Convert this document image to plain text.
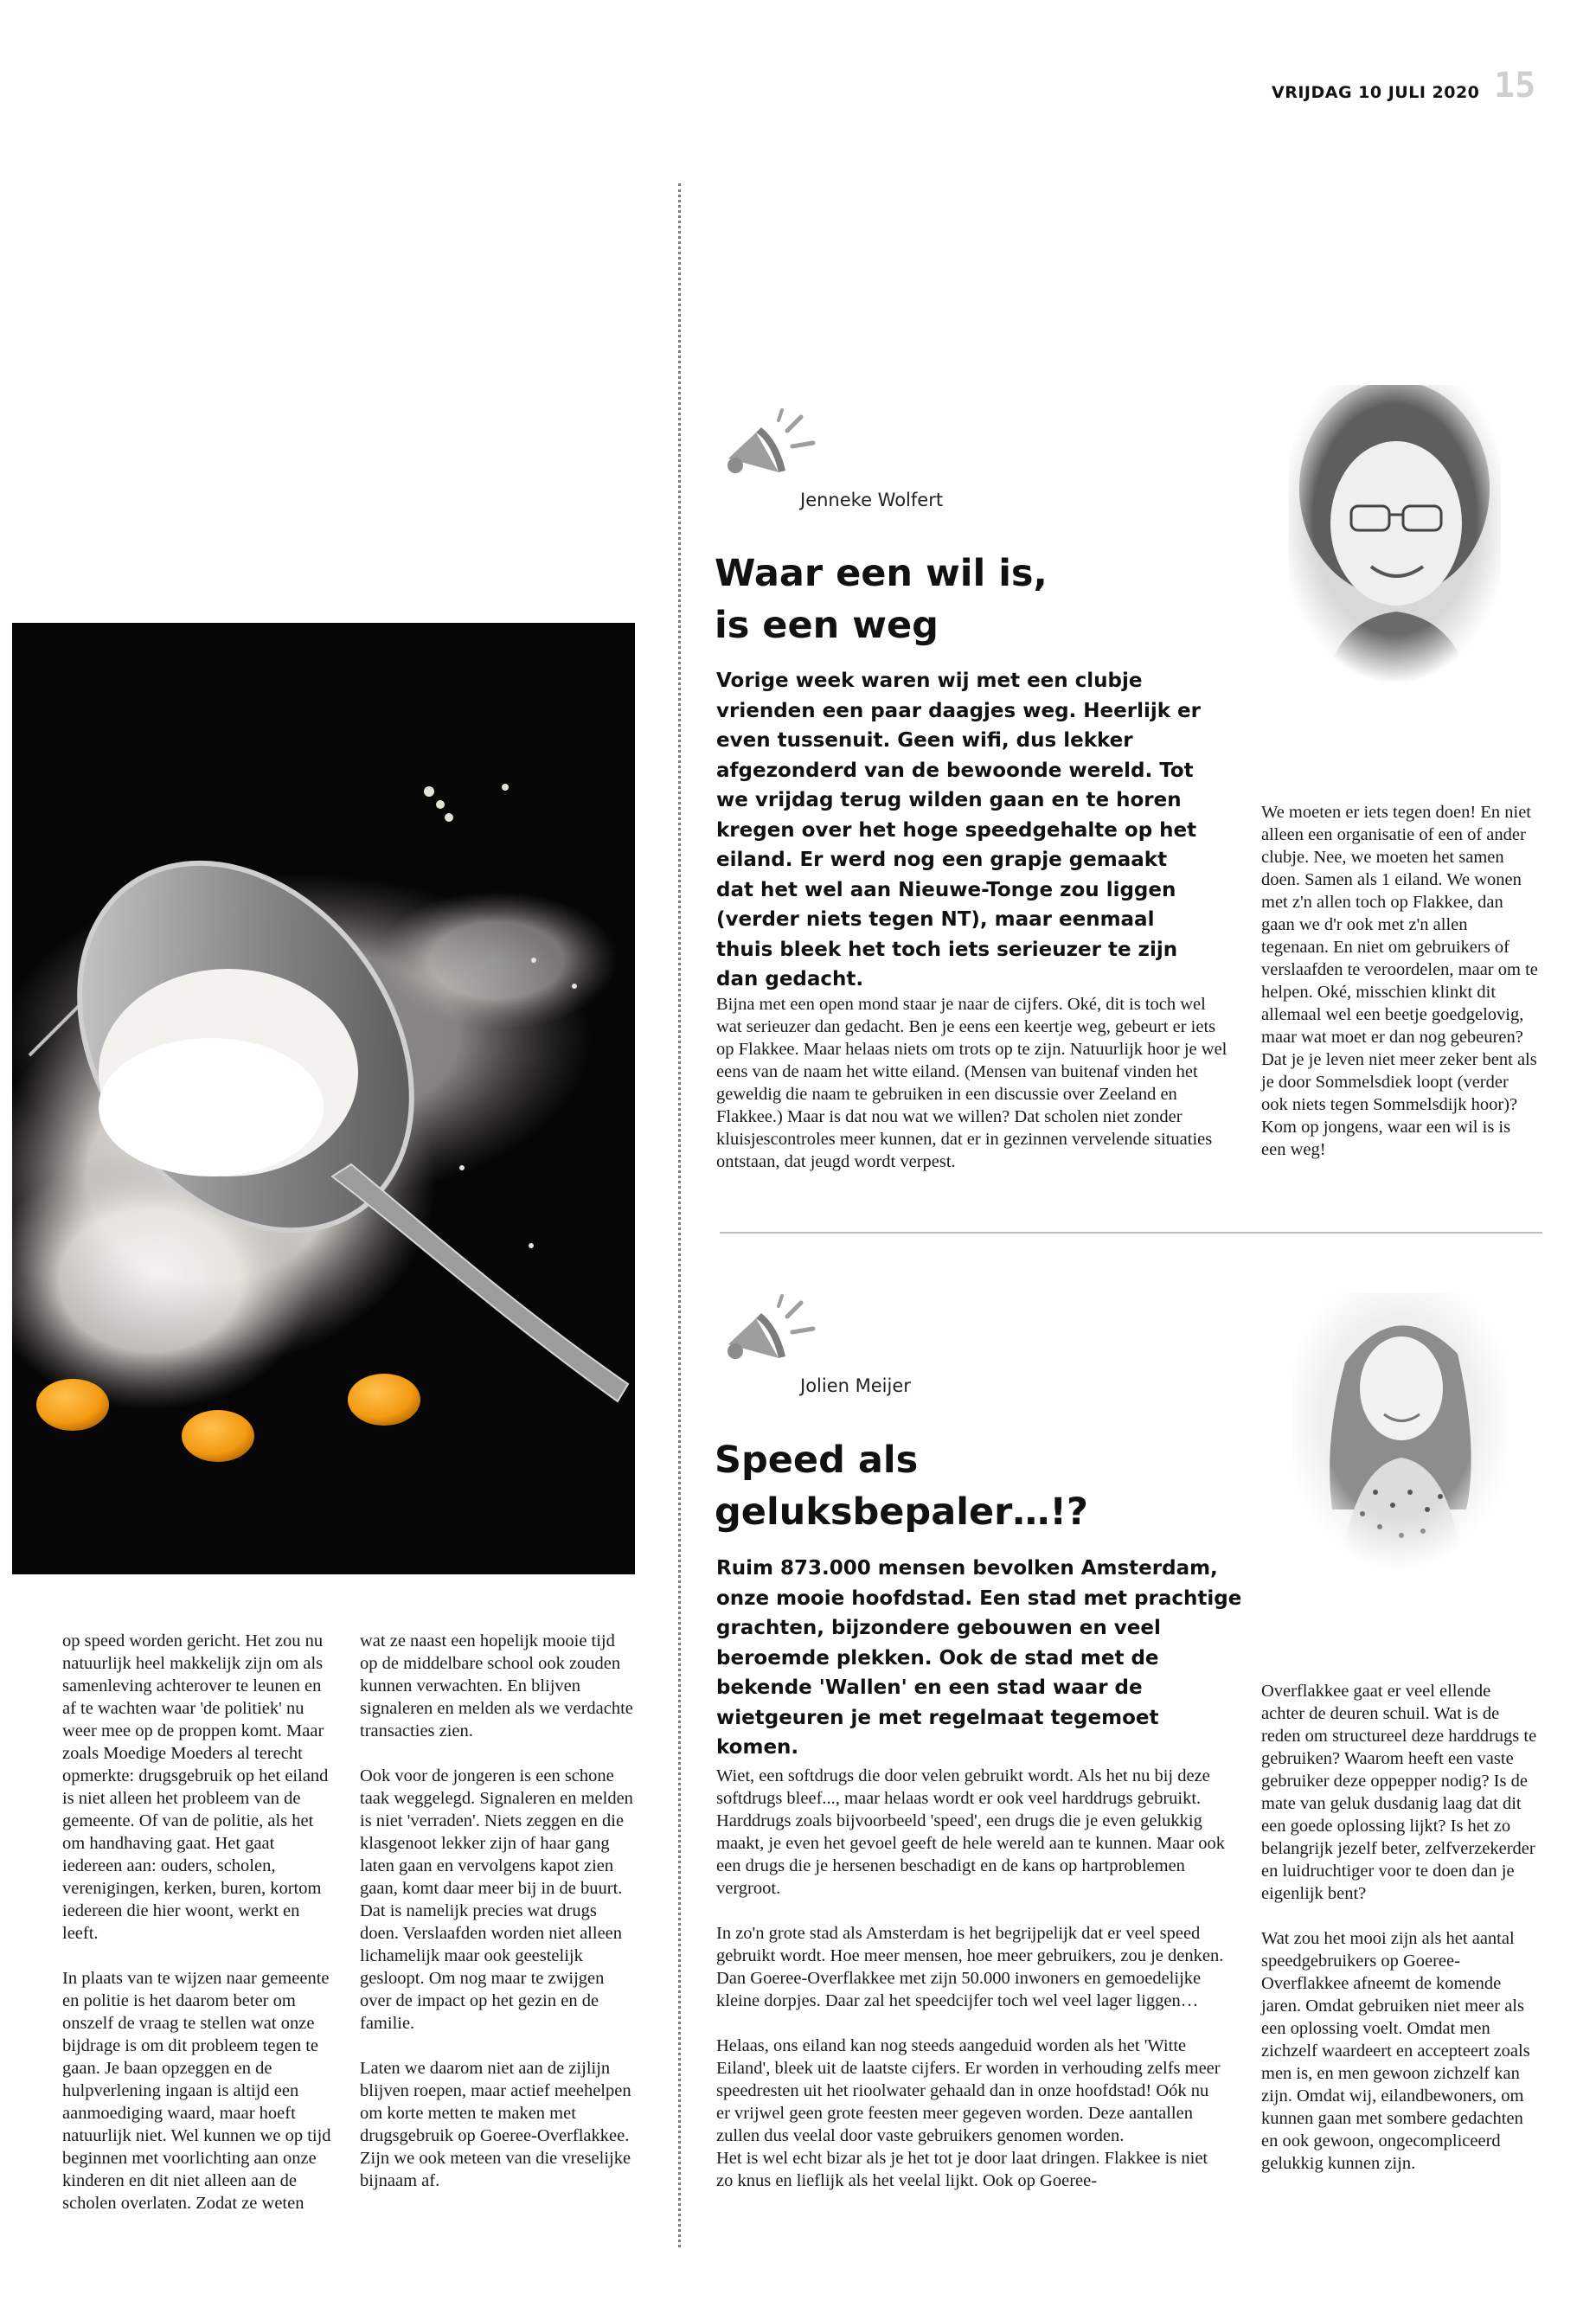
VRIJDAG 10 JULI 2020 15

op speed worden gericht. Het zou nu natuurlijk heel makkelijk zijn om als samenleving achterover te leunen en af te wachten waar 'de politiek' nu weer mee op de proppen komt. Maar zoals Moedige Moeders al terecht opmerkte: drugsgebruik op het eiland is niet alleen het probleem van de gemeente. Of van de politie, als het om handhaving gaat. Het gaat iedereen aan: ouders, scholen, verenigingen, kerken, buren, kortom iedereen die hier woont, werkt en leeft.

In plaats van te wijzen naar gemeente en politie is het daarom beter om onszelf de vraag te stellen wat onze bijdrage is om dit probleem tegen te gaan. Je baan opzeggen en de hulpverlening ingaan is altijd een aanmoediging waard, maar hoeft natuurlijk niet. Wel kunnen we op tijd beginnen met voorlichting aan onze kinderen en dit niet alleen aan de scholen overlaten. Zodat ze weten

wat ze naast een hopelijk mooie tijd op de middelbare school ook zouden kunnen verwachten. En blijven signaleren en melden als we verdachte transacties zien.

Ook voor de jongeren is een schone taak weggelegd. Signaleren en melden is niet 'verraden'. Niets zeggen en die klasgenoot lekker zijn of haar gang laten gaan en vervolgens kapot zien gaan, komt daar meer bij in de buurt. Dat is namelijk precies wat drugs doen. Verslaafden worden niet alleen lichamelijk maar ook geestelijk gesloopt. Om nog maar te zwijgen over de impact op het gezin en de familie.

Laten we daarom niet aan de zijlijn blijven roepen, maar actief meehelpen om korte metten te maken met drugsgebruik op Goeree-Overflakkee.

Zijn we ook meteen van die vreselijke bijnaam af.

Jenneke Wolfert
Waar een wil is,
is een weg

Vorige week waren wij met een clubje vrienden een paar daagjes weg. Heerlijk er even tussenuit. Geen wifi, dus lekker afgezonderd van de bewoonde wereld. Tot we vrijdag terug wilden gaan en te horen kregen over het hoge speedgehalte op het eiland. Er werd nog een grapje gemaakt dat het wel aan Nieuwe-Tonge zou liggen (verder niets tegen NT), maar eenmaal thuis bleek het toch iets serieuzer te zijn dan gedacht.

Bijna met een open mond staar je naar de cijfers. Oké, dit is toch wel wat serieuzer dan gedacht. Ben je eens een keertje weg, gebeurt er iets op Flakkee. Maar helaas niets om trots op te zijn. Natuurlijk hoor je wel eens van de naam het witte eiland. (Mensen van buitenaf vinden het geweldig die naam te gebruiken in een discussie over Zeeland en Flakkee.) Maar is dat nou wat we willen? Dat scholen niet zonder kluisjescontroles meer kunnen, dat er in gezinnen vervelende situaties ontstaan, dat jeugd wordt verpest.

We moeten er iets tegen doen! En niet alleen een organisatie of een of ander clubje. Nee, we moeten het samen doen. Samen als 1 eiland. We wonen met z'n allen toch op Flakkee, dan gaan we d'r ook met z'n allen tegenaan. En niet om gebruikers of verslaafden te veroordelen, maar om te helpen. Oké, misschien klinkt dit allemaal wel een beetje goedgelovig, maar wat moet er dan nog gebeuren? Dat je je leven niet meer zeker bent als je door Sommelsdiek loopt (verder ook niets tegen Sommelsdijk hoor)? Kom op jongens, waar een wil is is een weg!

Jolien Meijer
Speed als
geluksbepaler…!?

Ruim 873.000 mensen bevolken Amsterdam, onze mooie hoofdstad. Een stad met prachtige grachten, bijzondere gebouwen en veel beroemde plekken. Ook de stad met de bekende 'Wallen' en een stad waar de wietgeuren je met regelmaat tegemoet komen.

Wiet, een softdrugs die door velen gebruikt wordt. Als het nu bij deze softdrugs bleef..., maar helaas wordt er ook veel harddrugs gebruikt. Harddrugs zoals bijvoorbeeld 'speed', een drugs die je even gelukkig maakt, je even het gevoel geeft de hele wereld aan te kunnen. Maar ook een drugs die je hersenen beschadigt en de kans op hartproblemen vergroot.

In zo'n grote stad als Amsterdam is het begrijpelijk dat er veel speed gebruikt wordt. Hoe meer mensen, hoe meer gebruikers, zou je denken. Dan Goeree-Overflakkee met zijn 50.000 inwoners en gemoedelijke kleine dorpjes. Daar zal het speedcijfer toch wel veel lager liggen…

Helaas, ons eiland kan nog steeds aangeduid worden als het 'Witte Eiland', bleek uit de laatste cijfers. Er worden in verhouding zelfs meer speedresten uit het rioolwater gehaald dan in onze hoofdstad! Oók nu er vrijwel geen grote feesten meer gegeven worden. Deze aantallen zullen dus veelal door vaste gebruikers genomen worden.

Het is wel echt bizar als je het tot je door laat dringen. Flakkee is niet zo knus en lieflijk als het veelal lijkt. Ook op Goeree-

Overflakkee gaat er veel ellende achter de deuren schuil. Wat is de reden om structureel deze harddrugs te gebruiken? Waarom heeft een vaste gebruiker deze oppepper nodig? Is de mate van geluk dusdanig laag dat dit een goede oplossing lijkt? Is het zo belangrijk jezelf beter, zelfverzekerder en luidruchtiger voor te doen dan je eigenlijk bent?

Wat zou het mooi zijn als het aantal speedgebruikers op Goeree-Overflakkee afneemt de komende jaren. Omdat gebruiken niet meer als een oplossing voelt. Omdat men zichzelf waardeert en accepteert zoals men is, en men gewoon zichzelf kan zijn. Omdat wij, eilandbewoners, om kunnen gaan met sombere gedachten en ook gewoon, ongecompliceerd gelukkig kunnen zijn.
